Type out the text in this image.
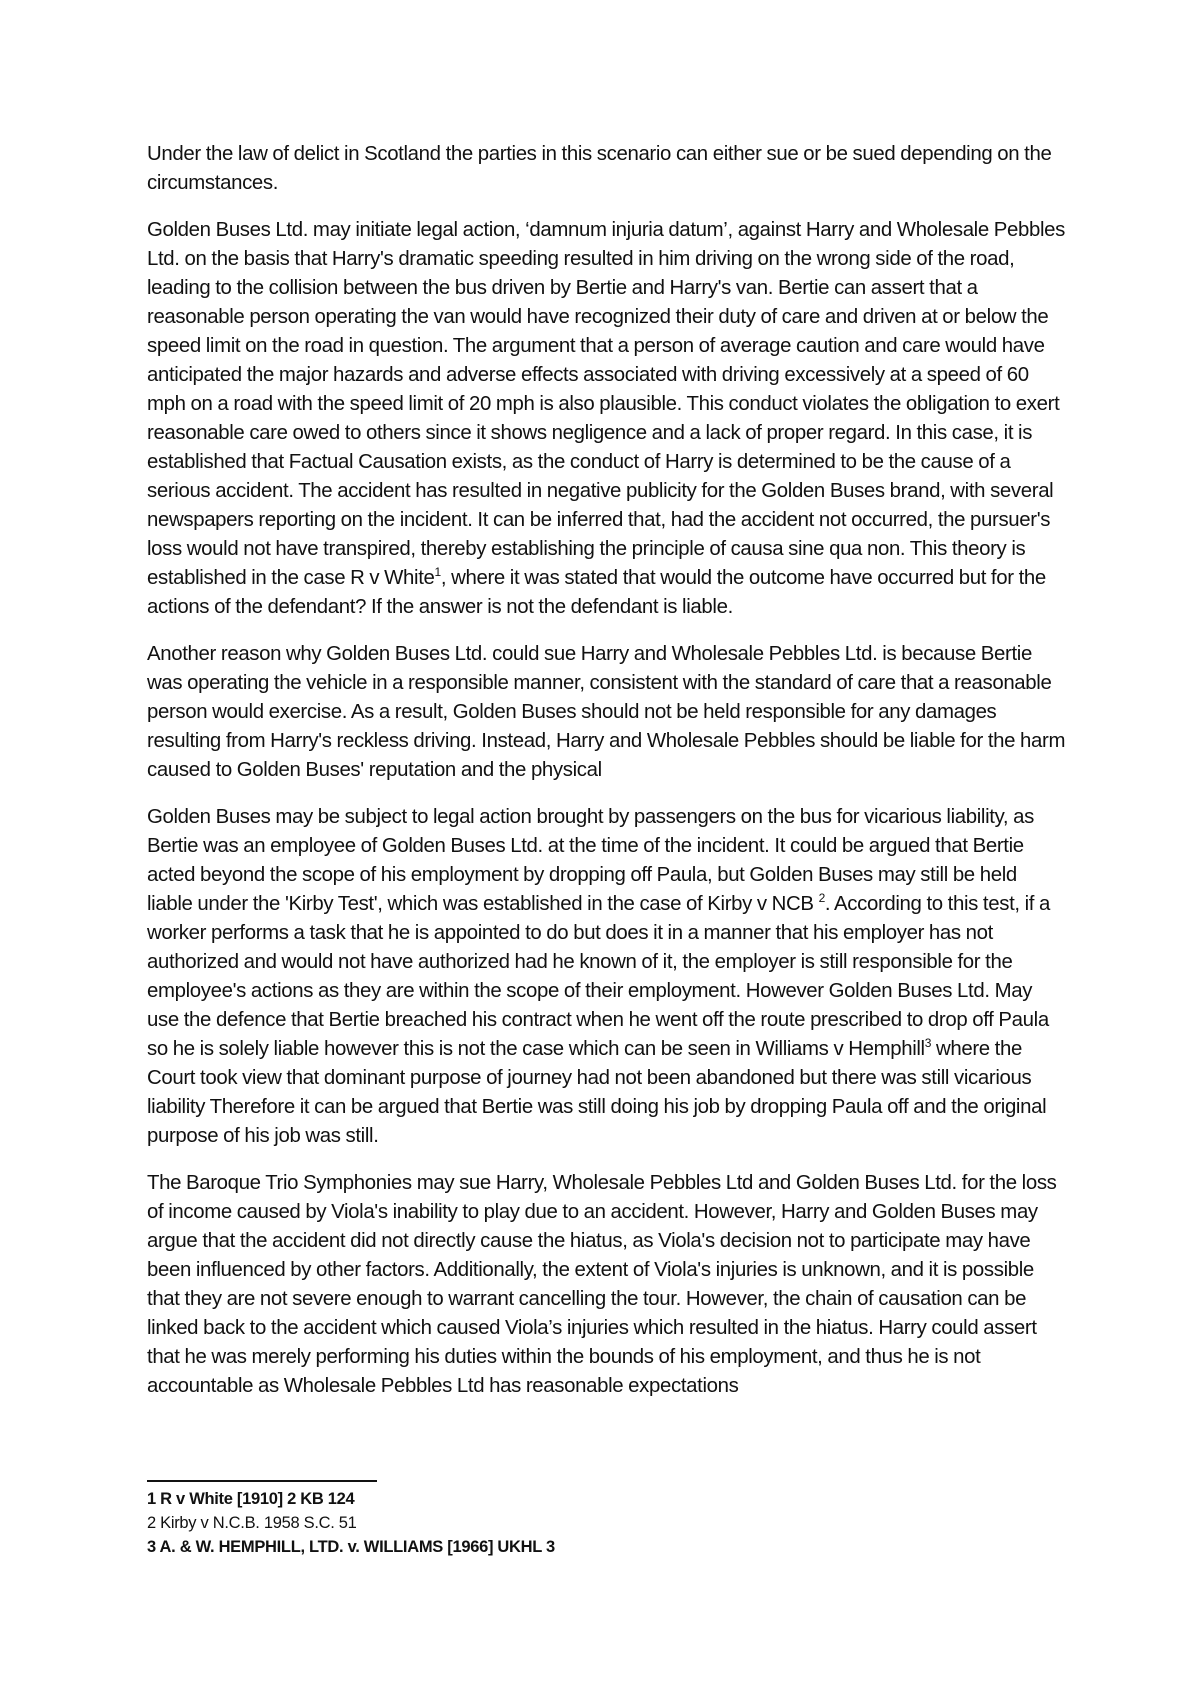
Under the law of delict in Scotland the parties in this scenario can either sue or be sued depending on the circumstances.

Golden Buses Ltd. may initiate legal action, ‘damnum injuria datum’, against Harry and Wholesale Pebbles Ltd. on the basis that Harry's dramatic speeding resulted in him driving on the wrong side of the road, leading to the collision between the bus driven by Bertie and Harry's van. Bertie can assert that a reasonable person operating the van would have recognized their duty of care and driven at or below the speed limit on the road in question. The argument that a person of average caution and care would have anticipated the major hazards and adverse effects associated with driving excessively at a speed of 60 mph on a road with the speed limit of 20 mph is also plausible. This conduct violates the obligation to exert reasonable care owed to others since it shows negligence and a lack of proper regard. In this case, it is established that Factual Causation exists, as the conduct of Harry is determined to be the cause of a serious accident. The accident has resulted in negative publicity for the Golden Buses brand, with several newspapers reporting on the incident. It can be inferred that, had the accident not occurred, the pursuer's loss would not have transpired, thereby establishing the principle of causa sine qua non. This theory is established in the case R v White$^1$, where it was stated that would the outcome have occurred but for the actions of the defendant? If the answer is not the defendant is liable.

Another reason why Golden Buses Ltd. could sue Harry and Wholesale Pebbles Ltd. is because Bertie was operating the vehicle in a responsible manner, consistent with the standard of care that a reasonable person would exercise. As a result, Golden Buses should not be held responsible for any damages resulting from Harry's reckless driving. Instead, Harry and Wholesale Pebbles should be liable for the harm caused to Golden Buses' reputation and the physical

Golden Buses may be subject to legal action brought by passengers on the bus for vicarious liability, as Bertie was an employee of Golden Buses Ltd. at the time of the incident. It could be argued that Bertie acted beyond the scope of his employment by dropping off Paula, but Golden Buses may still be held liable under the 'Kirby Test', which was established in the case of Kirby v NCB $^2$. According to this test, if a worker performs a task that he is appointed to do but does it in a manner that his employer has not authorized and would not have authorized had he known of it, the employer is still responsible for the employee's actions as they are within the scope of their employment. However Golden Buses Ltd. May use the defence that Bertie breached his contract when he went off the route prescribed to drop off Paula so he is solely liable however this is not the case which can be seen in Williams v Hemphill$^3$ where the Court took view that dominant purpose of journey had not been abandoned but there was still vicarious liability Therefore it can be argued that Bertie was still doing his job by dropping Paula off and the original purpose of his job was still.

The Baroque Trio Symphonies may sue Harry, Wholesale Pebbles Ltd and Golden Buses Ltd. for the loss of income caused by Viola's inability to play due to an accident. However, Harry and Golden Buses may argue that the accident did not directly cause the hiatus, as Viola's decision not to participate may have been influenced by other factors. Additionally, the extent of Viola's injuries is unknown, and it is possible that they are not severe enough to warrant cancelling the tour. However, the chain of causation can be linked back to the accident which caused Viola’s injuries which resulted in the hiatus. Harry could assert that he was merely performing his duties within the bounds of his employment, and thus he is not accountable as Wholesale Pebbles Ltd has reasonable expectations

1 R v White [1910] 2 KB 124

2 Kirby v N.C.B. 1958 S.C. 51

3 A. & W. HEMPHILL, LTD. v. WILLIAMS [1966] UKHL 3
